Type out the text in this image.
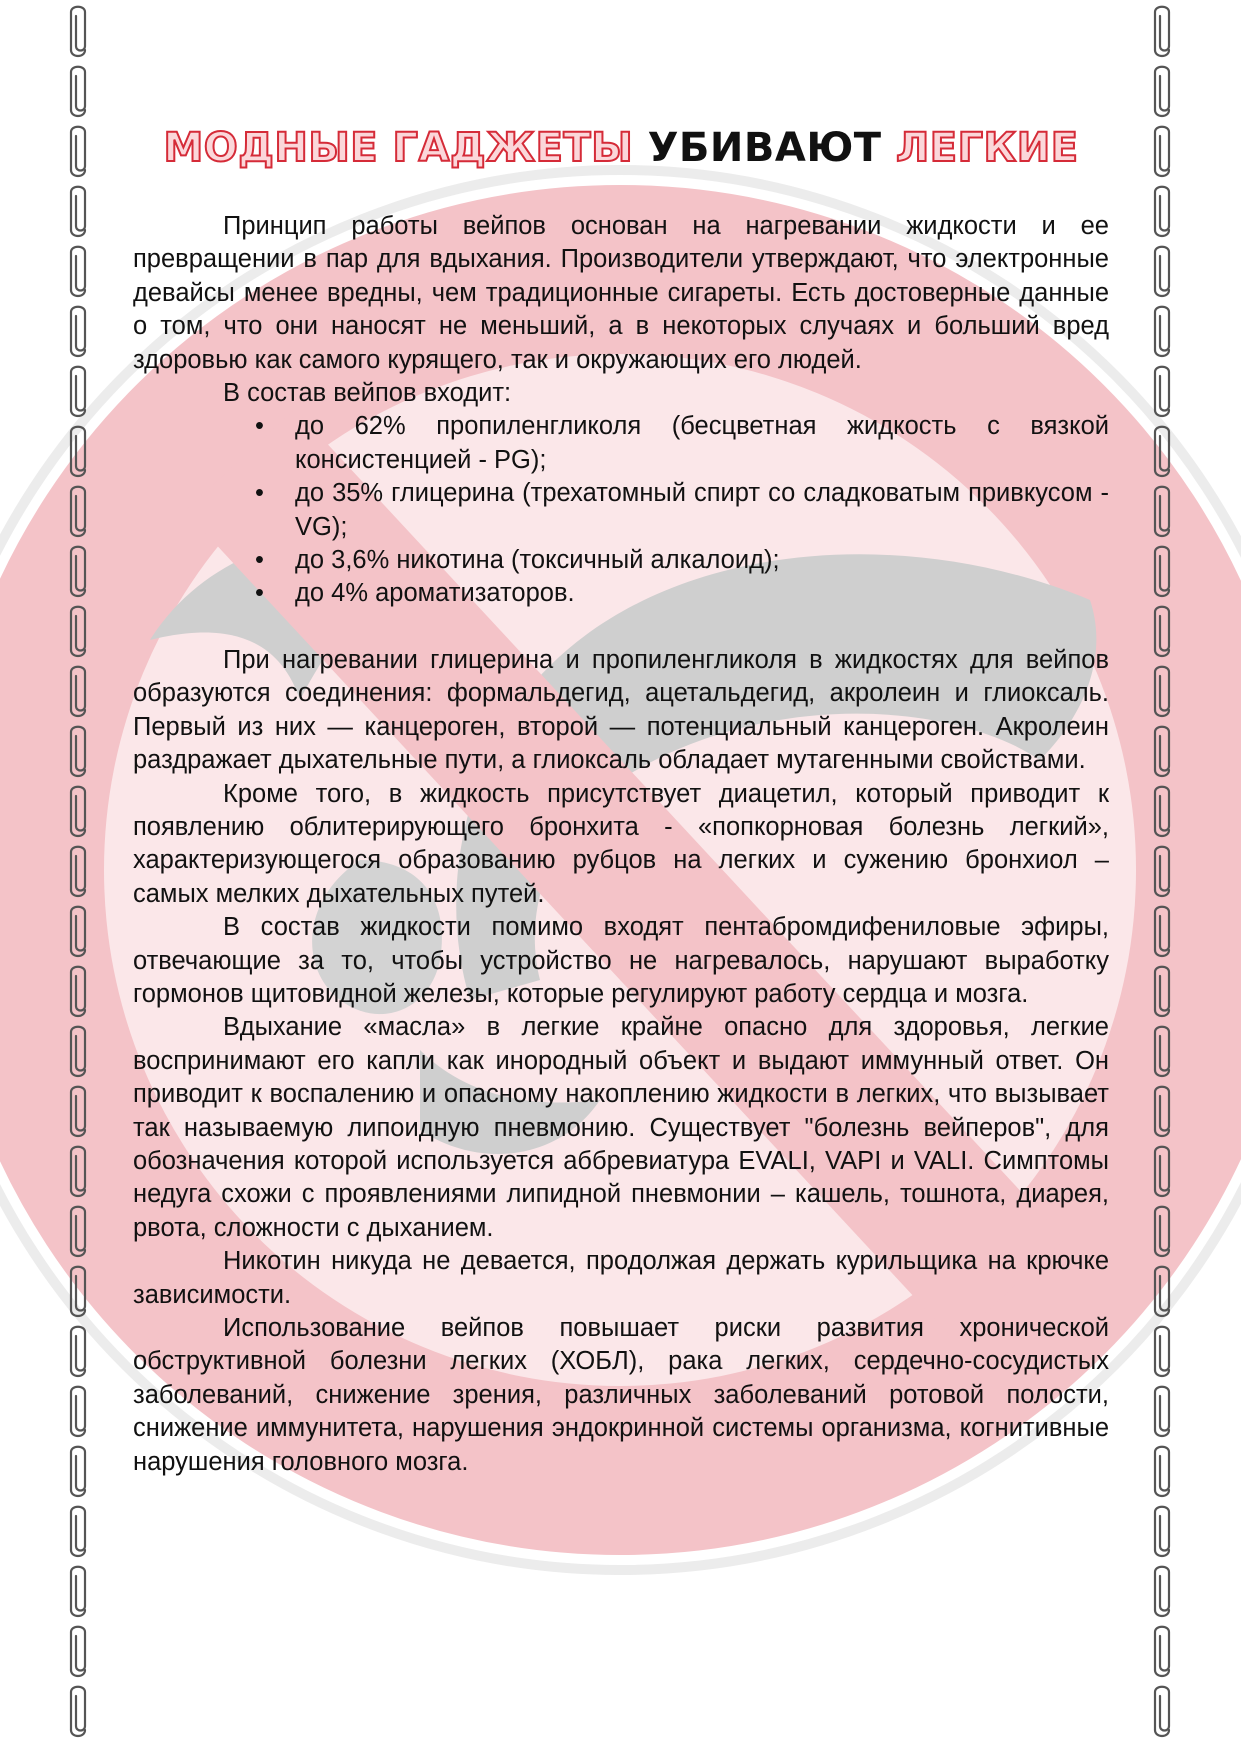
МОДНЫЕ ГАДЖЕТЫ УБИВАЮТ ЛЕГКИЕ

Принцип работы вейпов основан на нагревании жидкости и ее превращении в пар для вдыхания. Производители утверждают, что электронные девайсы менее вредны, чем традиционные сигареты. Есть достоверные данные о том, что они наносят не меньший, а в некоторых случаях и больший вред здоровью как самого курящего, так и окружающих его людей.

В состав вейпов входит:

• до 62% пропиленгликоля (бесцветная жидкость с вязкой консистенцией - PG);
• до 35% глицерина (трехатомный спирт со сладковатым привкусом - VG);
• до 3,6% никотина (токсичный алкалоид);
• до 4% ароматизаторов.

При нагревании глицерина и пропиленгликоля в жидкостях для вейпов образуются соединения: формальдегид, ацетальдегид, акролеин и глиоксаль. Первый из них — канцероген, второй — потенциальный канцероген. Акролеин раздражает дыхательные пути, а глиоксаль обладает мутагенными свойствами.

Кроме того, в жидкость присутствует диацетил, который приводит к появлению облитерирующего бронхита - «попкорновая болезнь легкий», характеризующегося образованию рубцов на легких и сужению бронхиол – самых мелких дыхательных путей.

В состав жидкости помимо входят пентабромдифениловые эфиры, отвечающие за то, чтобы устройство не нагревалось, нарушают выработку гормонов щитовидной железы, которые регулируют работу сердца и мозга.

Вдыхание «масла» в легкие крайне опасно для здоровья, легкие воспринимают его капли как инородный объект и выдают иммунный ответ. Он приводит к воспалению и опасному накоплению жидкости в легких, что вызывает так называемую липоидную пневмонию. Существует "болезнь вейперов", для обозначения которой используется аббревиатура EVALI, VAPI и VALI. Симптомы недуга схожи с проявлениями липидной пневмонии – кашель, тошнота, диарея, рвота, сложности с дыханием.

Никотин никуда не девается, продолжая держать курильщика на крючке зависимости.

Использование вейпов повышает риски развития хронической обструктивной болезни легких (ХОБЛ), рака легких, сердечно-сосудистых заболеваний, снижение зрения, различных заболеваний ротовой полости, снижение иммунитета, нарушения эндокринной системы организма, когнитивные нарушения головного мозга.
